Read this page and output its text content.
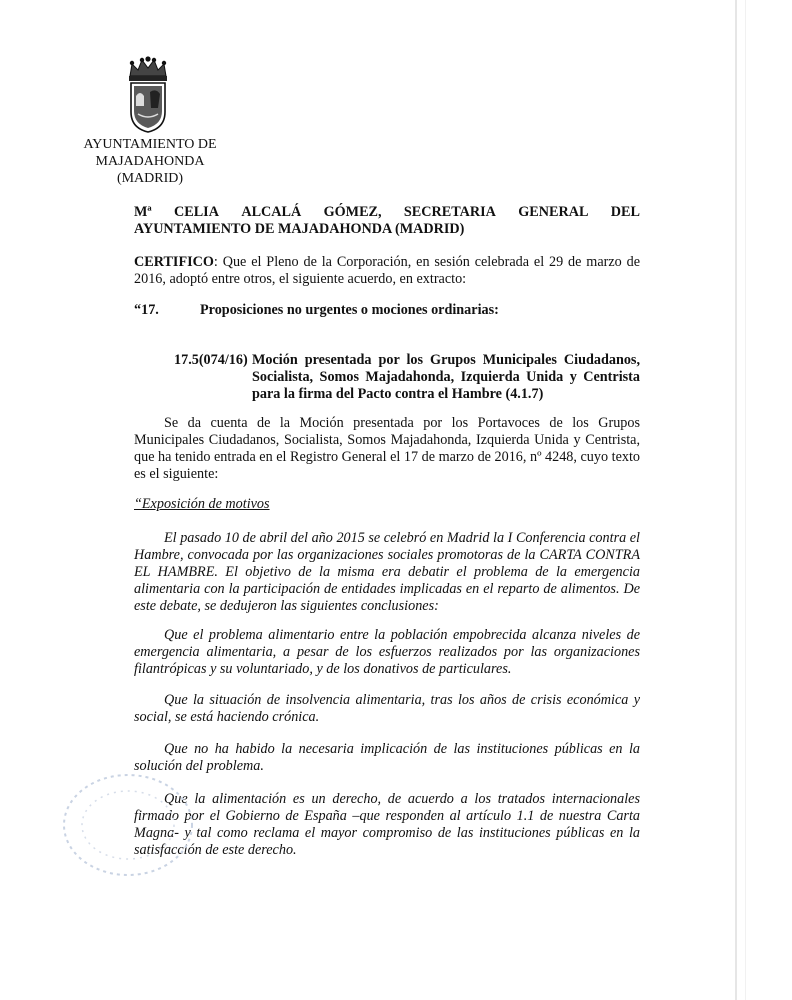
AYUNTAMIENTO DE
MAJADAHONDA
(MADRID)
Mª CELIA ALCALÁ GÓMEZ, SECRETARIA GENERAL DEL
AYUNTAMIENTO DE MAJADAHONDA (MADRID)
CERTIFICO: Que el Pleno de la Corporación, en sesión celebrada el 29 de marzo de 2016, adoptó entre otros, el siguiente acuerdo, en extracto:
“17.	Proposiciones no urgentes o mociones ordinarias:
17.5(074/16) Moción presentada por los Grupos Municipales Ciudadanos,
Socialista, Somos Majadahonda, Izquierda Unida y Centrista
para la firma del Pacto contra el Hambre (4.1.7)
Se da cuenta de la Moción presentada por los Portavoces de los Grupos Municipales Ciudadanos, Socialista, Somos Majadahonda, Izquierda Unida y Centrista, que ha tenido entrada en el Registro General el 17 de marzo de 2016, nº 4248, cuyo texto es el siguiente:
“Exposición de motivos
El pasado 10 de abril del año 2015 se celebró en Madrid la I Conferencia contra el Hambre, convocada por las organizaciones sociales promotoras de la CARTA CONTRA EL HAMBRE. El objetivo de la misma era debatir el problema de la emergencia alimentaria con la participación de entidades implicadas en el reparto de alimentos. De este debate, se dedujeron las siguientes conclusiones:
Que el problema alimentario entre la población empobrecida alcanza niveles de emergencia alimentaria, a pesar de los esfuerzos realizados por las organizaciones filantrópicas y su voluntariado, y de los donativos de particulares.
Que la situación de insolvencia alimentaria, tras los años de crisis económica y social, se está haciendo crónica.
Que no ha habido la necesaria implicación de las instituciones públicas en la solución del problema.
Que la alimentación es un derecho, de acuerdo a los tratados internacionales firmado por el Gobierno de España –que responden al artículo 1.1 de nuestra Carta Magna- y tal como reclama el mayor compromiso de las instituciones públicas en la satisfacción de este derecho.
